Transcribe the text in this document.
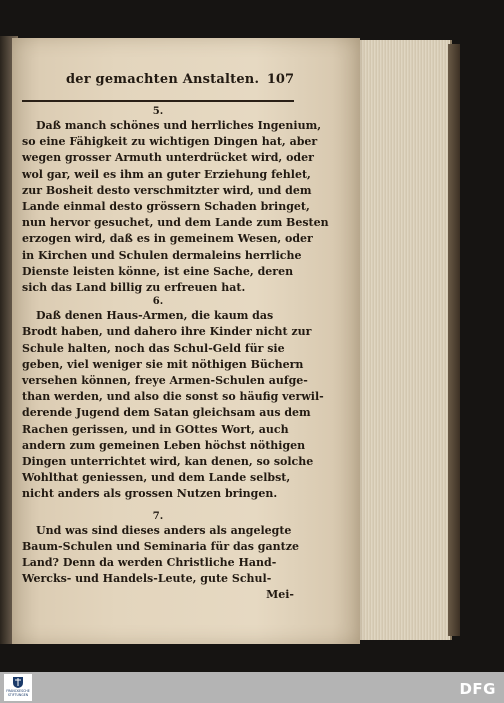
der gemachten Anstalten. 107
5.
Daß manch schönes und herrliches Ingenium,
so eine Fähigkeit zu wichtigen Dingen hat, aber
wegen grosser Armuth unterdrücket wird, oder
wol gar, weil es ihm an guter Erziehung fehlet,
zur Bosheit desto verschmitzter wird, und dem
Lande einmal desto grössern Schaden bringet,
nun hervor gesuchet, und dem Lande zum Besten
erzogen wird, daß es in gemeinem Wesen, oder
in Kirchen und Schulen dermaleins herrliche
Dienste leisten könne, ist eine Sache, deren
sich das Land billig zu erfreuen hat.
6.
Daß denen Haus-Armen, die kaum das
Brodt haben, und dahero ihre Kinder nicht zur
Schule halten, noch das Schul-Geld für sie
geben, viel weniger sie mit nöthigen Büchern
versehen können, freye Armen-Schulen aufge-
than werden, und also die sonst so häufig verwil-
derende Jugend dem Satan gleichsam aus dem
Rachen gerissen, und in GOttes Wort, auch
andern zum gemeinen Leben höchst nöthigen
Dingen unterrichtet wird, kan denen, so solche
Wohlthat geniessen, und dem Lande selbst,
nicht anders als grossen Nutzen bringen.
7.
Und was sind dieses anders als angelegte
Baum-Schulen und Seminaria für das gantze
Land? Denn da werden Christliche Hand-
Wercks- und Handels-Leute, gute Schul-
Mei-
FRANCKESCHE STIFTUNGEN	DFG
